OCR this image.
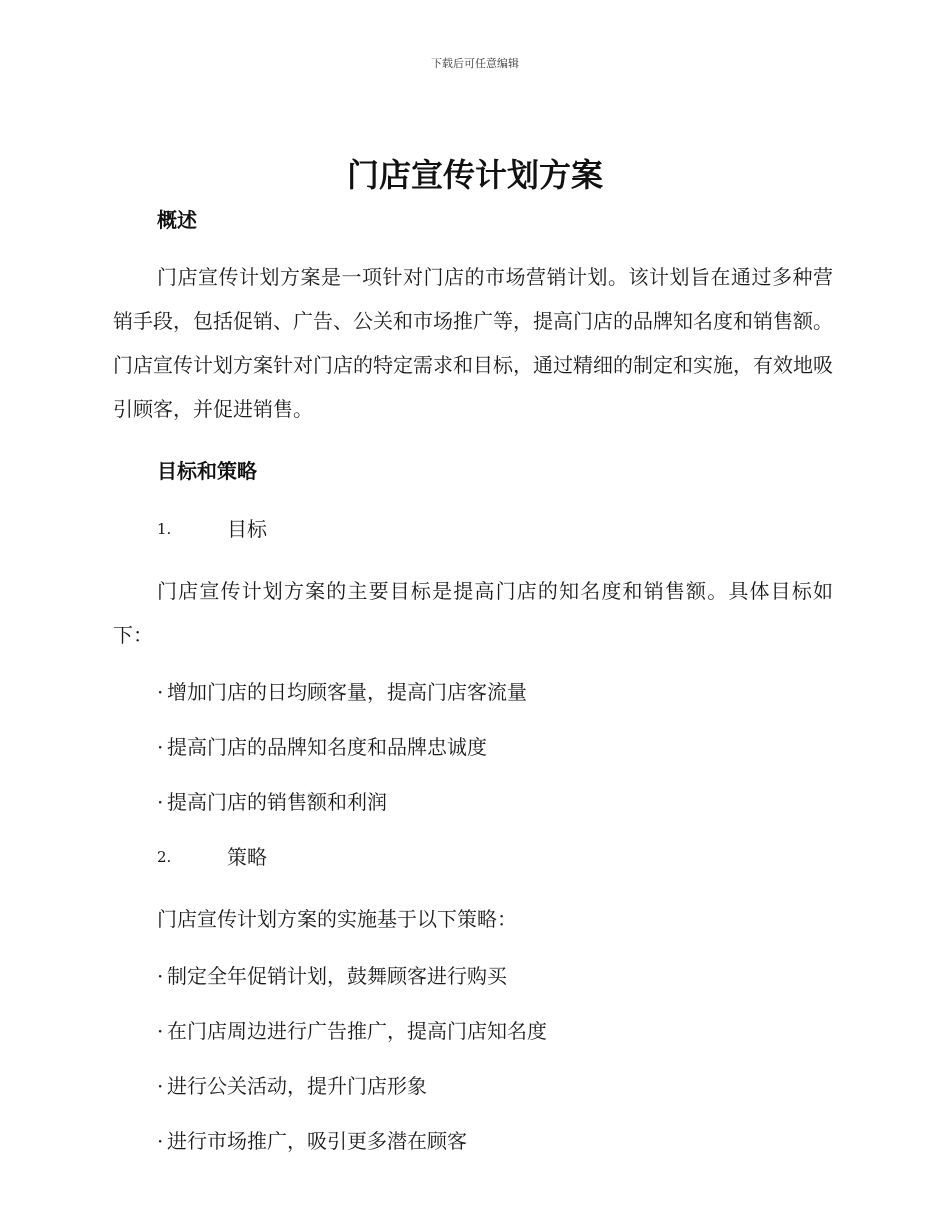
下载后可任意编辑
门店宣传计划方案
概述

门店宣传计划方案是一项针对门店的市场营销计划。该计划旨在通过多种营销手段，包括促销、广告、公关和市场推广等，提高门店的品牌知名度和销售额。门店宣传计划方案针对门店的特定需求和目标，通过精细的制定和实施，有效地吸引顾客，并促进销售。

目标和策略
1.	目标

门店宣传计划方案的主要目标是提高门店的知名度和销售额。具体目标如下：

· 增加门店的日均顾客量，提高门店客流量
· 提高门店的品牌知名度和品牌忠诚度
· 提高门店的销售额和利润
2.	策略

门店宣传计划方案的实施基于以下策略：

· 制定全年促销计划，鼓舞顾客进行购买
· 在门店周边进行广告推广，提高门店知名度
· 进行公关活动，提升门店形象
· 进行市场推广，吸引更多潜在顾客
